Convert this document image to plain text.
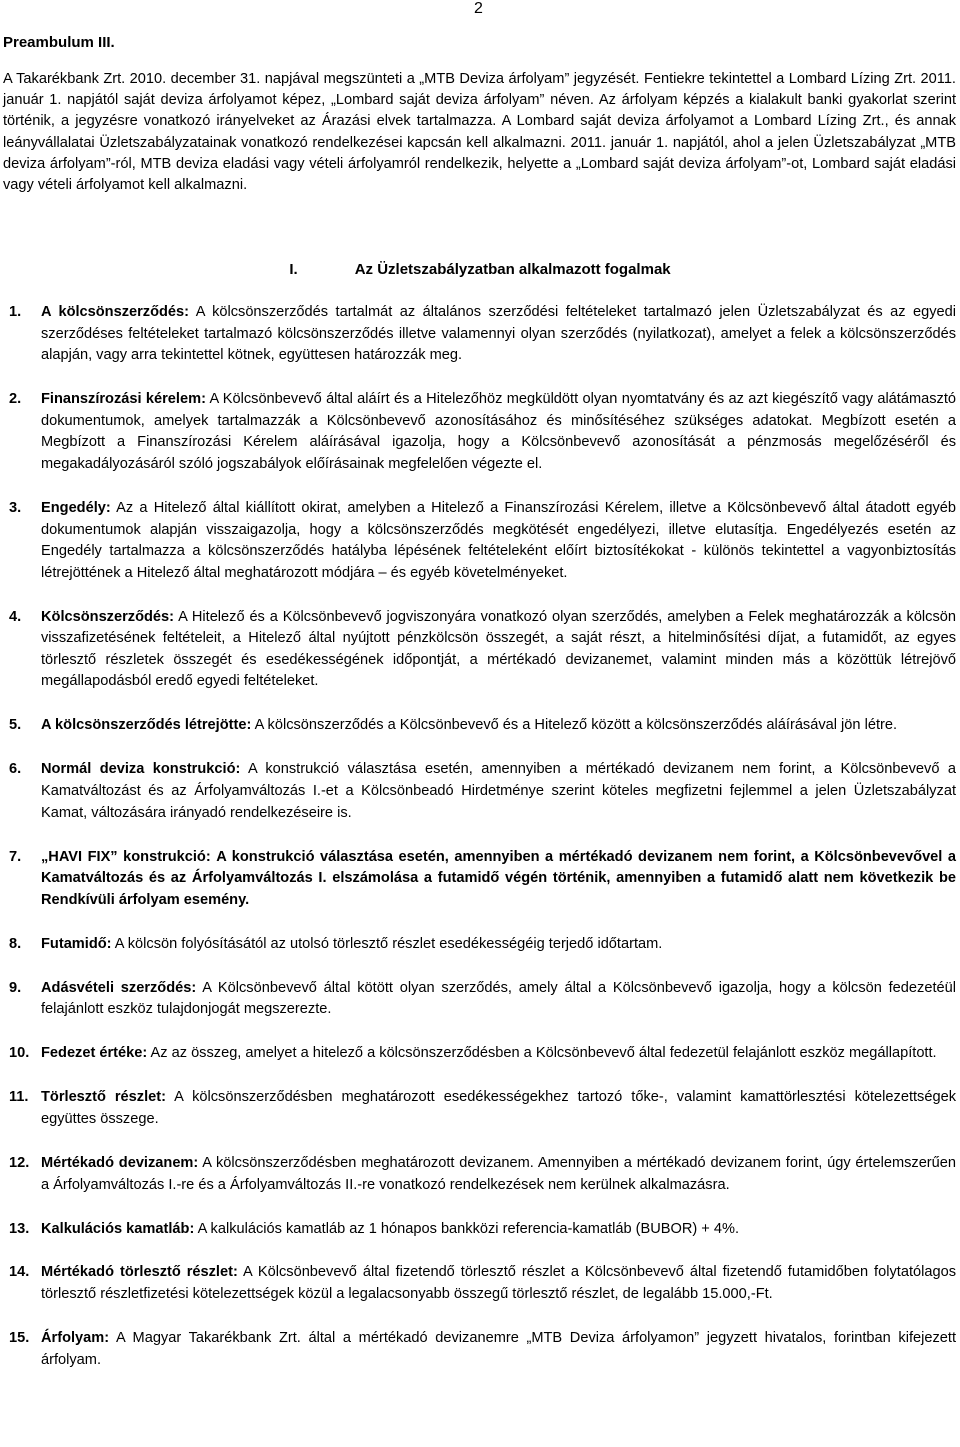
2
Preambulum III.

A Takarékbank Zrt. 2010. december 31. napjával megszünteti a „MTB Deviza árfolyam” jegyzését. Fentiekre tekintettel a Lombard Lízing Zrt. 2011. január 1. napjától saját deviza árfolyamot képez, „Lombard saját deviza árfolyam” néven. Az árfolyam képzés a kialakult banki gyakorlat szerint történik, a jegyzésre vonatkozó irányelveket az Árazási elvek tartalmazza. A Lombard saját deviza árfolyamot a Lombard Lízing Zrt., és annak leányvállalatai Üzletszabályzatainak vonatkozó rendelkezései kapcsán kell alkalmazni. 2011. január 1. napjától, ahol a jelen Üzletszabályzat „MTB deviza árfolyam”-ról, MTB deviza eladási vagy vételi árfolyamról rendelkezik, helyette a „Lombard saját deviza árfolyam”-ot, Lombard saját eladási vagy vételi árfolyamot kell alkalmazni.

I.	Az Üzletszabályzatban alkalmazott fogalmak
1. A kölcsönszerződés: A kölcsönszerződés tartalmát az általános szerződési feltételeket tartalmazó jelen Üzletszabályzat és az egyedi szerződéses feltételeket tartalmazó kölcsönszerződés illetve valamennyi olyan szerződés (nyilatkozat), amelyet a felek a kölcsönszerződés alapján, vagy arra tekintettel kötnek, együttesen határozzák meg.
2. Finanszírozási kérelem: A Kölcsönbevevő által aláírt és a Hitelezőhöz megküldött olyan nyomtatvány és az azt kiegészítő vagy alátámasztó dokumentumok, amelyek tartalmazzák a Kölcsönbevevő azonosításához és minősítéséhez szükséges adatokat. Megbízott esetén a Megbízott a Finanszírozási Kérelem aláírásával igazolja, hogy a Kölcsönbevevő azonosítását a pénzmosás megelőzéséről és megakadályozásáról szóló jogszabályok előírásainak megfelelően végezte el.
3. Engedély: Az a Hitelező által kiállított okirat, amelyben a Hitelező a Finanszírozási Kérelem, illetve a Kölcsönbevevő által átadott egyéb dokumentumok alapján visszaigazolja, hogy a kölcsönszerződés megkötését engedélyezi, illetve elutasítja. Engedélyezés esetén az Engedély tartalmazza a kölcsönszerződés hatályba lépésének feltételeként előírt biztosítékokat - különös tekintettel a vagyonbiztosítás létrejöttének a Hitelező által meghatározott módjára – és egyéb követelményeket.
4. Kölcsönszerződés: A Hitelező és a Kölcsönbevevő jogviszonyára vonatkozó olyan szerződés, amelyben a Felek meghatározzák a kölcsön visszafizetésének feltételeit, a Hitelező által nyújtott pénzkölcsön összegét, a saját részt, a hitelminősítési díjat, a futamidőt, az egyes törlesztő részletek összegét és esedékességének időpontját, a mértékadó devizanemet, valamint minden más a közöttük létrejövő megállapodásból eredő egyedi feltételeket.
5. A kölcsönszerződés létrejötte: A kölcsönszerződés a Kölcsönbevevő és a Hitelező között a kölcsönszerződés aláírásával jön létre.
6. Normál deviza konstrukció: A konstrukció választása esetén, amennyiben a mértékadó devizanem nem forint, a Kölcsönbevevő a Kamatváltozást és az Árfolyamváltozás I.-et a Kölcsönbeadó Hirdetménye szerint köteles megfizetni fejlemmel a jelen Üzletszabályzat Kamat, változására irányadó rendelkezéseire is.
7. „HAVI FIX” konstrukció: A konstrukció választása esetén, amennyiben a mértékadó devizanem nem forint, a Kölcsönbevevővel a Kamatváltozás és az Árfolyamváltozás I. elszámolása a futamidő végén történik, amennyiben a futamidő alatt nem következik be Rendkívüli árfolyam esemény.
8. Futamidő: A kölcsön folyósításától az utolsó törlesztő részlet esedékességéig terjedő időtartam.
9. Adásvételi szerződés: A Kölcsönbevevő által kötött olyan szerződés, amely által a Kölcsönbevevő igazolja, hogy a kölcsön fedezetéül felajánlott eszköz tulajdonjogát megszerezte.
10. Fedezet értéke: Az az összeg, amelyet a hitelező a kölcsönszerződésben a Kölcsönbevevő által fedezetül felajánlott eszköz megállapított.
11. Törlesztő részlet: A kölcsönszerződésben meghatározott esedékességekhez tartozó tőke-, valamint kamattörlesztési kötelezettségek együttes összege.
12. Mértékadó devizanem: A kölcsönszerződésben meghatározott devizanem. Amennyiben a mértékadó devizanem forint, úgy értelemszerűen a Árfolyamváltozás I.-re és a Árfolyamváltozás II.-re vonatkozó rendelkezések nem kerülnek alkalmazásra.
13. Kalkulációs kamatláb: A kalkulációs kamatláb az 1 hónapos bankközi referencia-kamatláb (BUBOR) + 4%.
14. Mértékadó törlesztő részlet: A Kölcsönbevevő által fizetendő törlesztő részlet a Kölcsönbevevő által fizetendő futamidőben folytatólagos törlesztő részletfizetési kötelezettségek közül a legalacsonyabb összegű törlesztő részlet, de legalább 15.000,-Ft.
15. Árfolyam: A Magyar Takarékbank Zrt. által a mértékadó devizanemre „MTB Deviza árfolyamon” jegyzett hivatalos, forintban kifejezett árfolyam.
